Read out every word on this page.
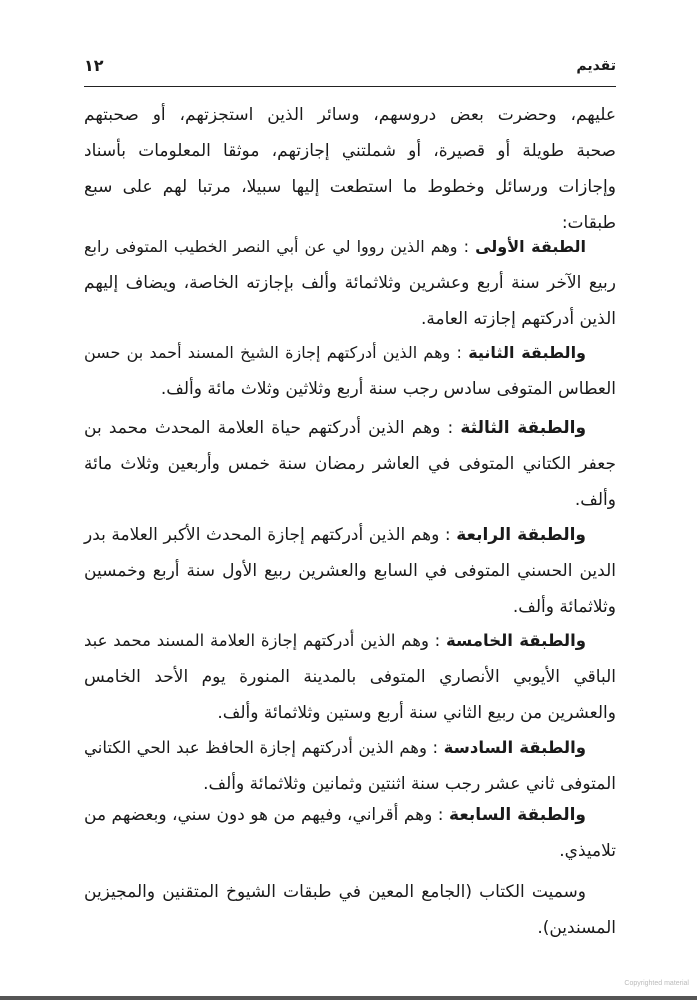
تقديم
١٢
عليهم، وحضرت بعض دروسهم، وسائر الذين استجزتهم، أو صحبتهم
صحبة طويلة أو قصيرة، أو شملتني إجازتهم، موثقا المعلومات بأسناد
وإجازات ورسائل وخطوط ما استطعت إليها سبيلا، مرتبا لهم على سبع
طبقات:
الطبقة الأولى : وهم الذين رووا لي عن أبي النصر الخطيب المتوفى رابع
ربيع الآخر سنة أربع وعشرين وثلاثمائة وألف بإجازته الخاصة، ويضاف إليهم
الذين أدركتهم إجازته العامة.
والطبقة الثانية : وهم الذين أدركتهم إجازة الشيخ المسند أحمد بن حسن
العطاس المتوفى سادس رجب سنة أربع وثلاثين وثلاث مائة وألف.
والطبقة الثالثة : وهم الذين أدركتهم حياة العلامة المحدث محمد بن
جعفر الكتاني المتوفى في العاشر رمضان سنة خمس وأربعين وثلاث مائة
وألف.
والطبقة الرابعة : وهم الذين أدركتهم إجازة المحدث الأكبر العلامة بدر
الدين الحسني المتوفى في السابع والعشرين ربيع الأول سنة أربع وخمسين
وثلاثمائة وألف.
والطبقة الخامسة : وهم الذين أدركتهم إجازة العلامة المسند محمد عبد
الباقي الأيوبي الأنصاري المتوفى بالمدينة المنورة يوم الأحد الخامس
والعشرين من ربيع الثاني سنة أربع وستين وثلاثمائة وألف.
والطبقة السادسة : وهم الذين أدركتهم إجازة الحافظ عبد الحي الكتاني
المتوفى ثاني عشر رجب سنة اثنتين وثمانين وثلاثمائة وألف.
والطبقة السابعة : وهم أقراني، وفيهم من هو دون سني، وبعضهم من
تلاميذي.
وسميت الكتاب (الجامع المعين في طبقات الشيوخ المتقنين والمجيزين
المسندين).
Copyrighted material
